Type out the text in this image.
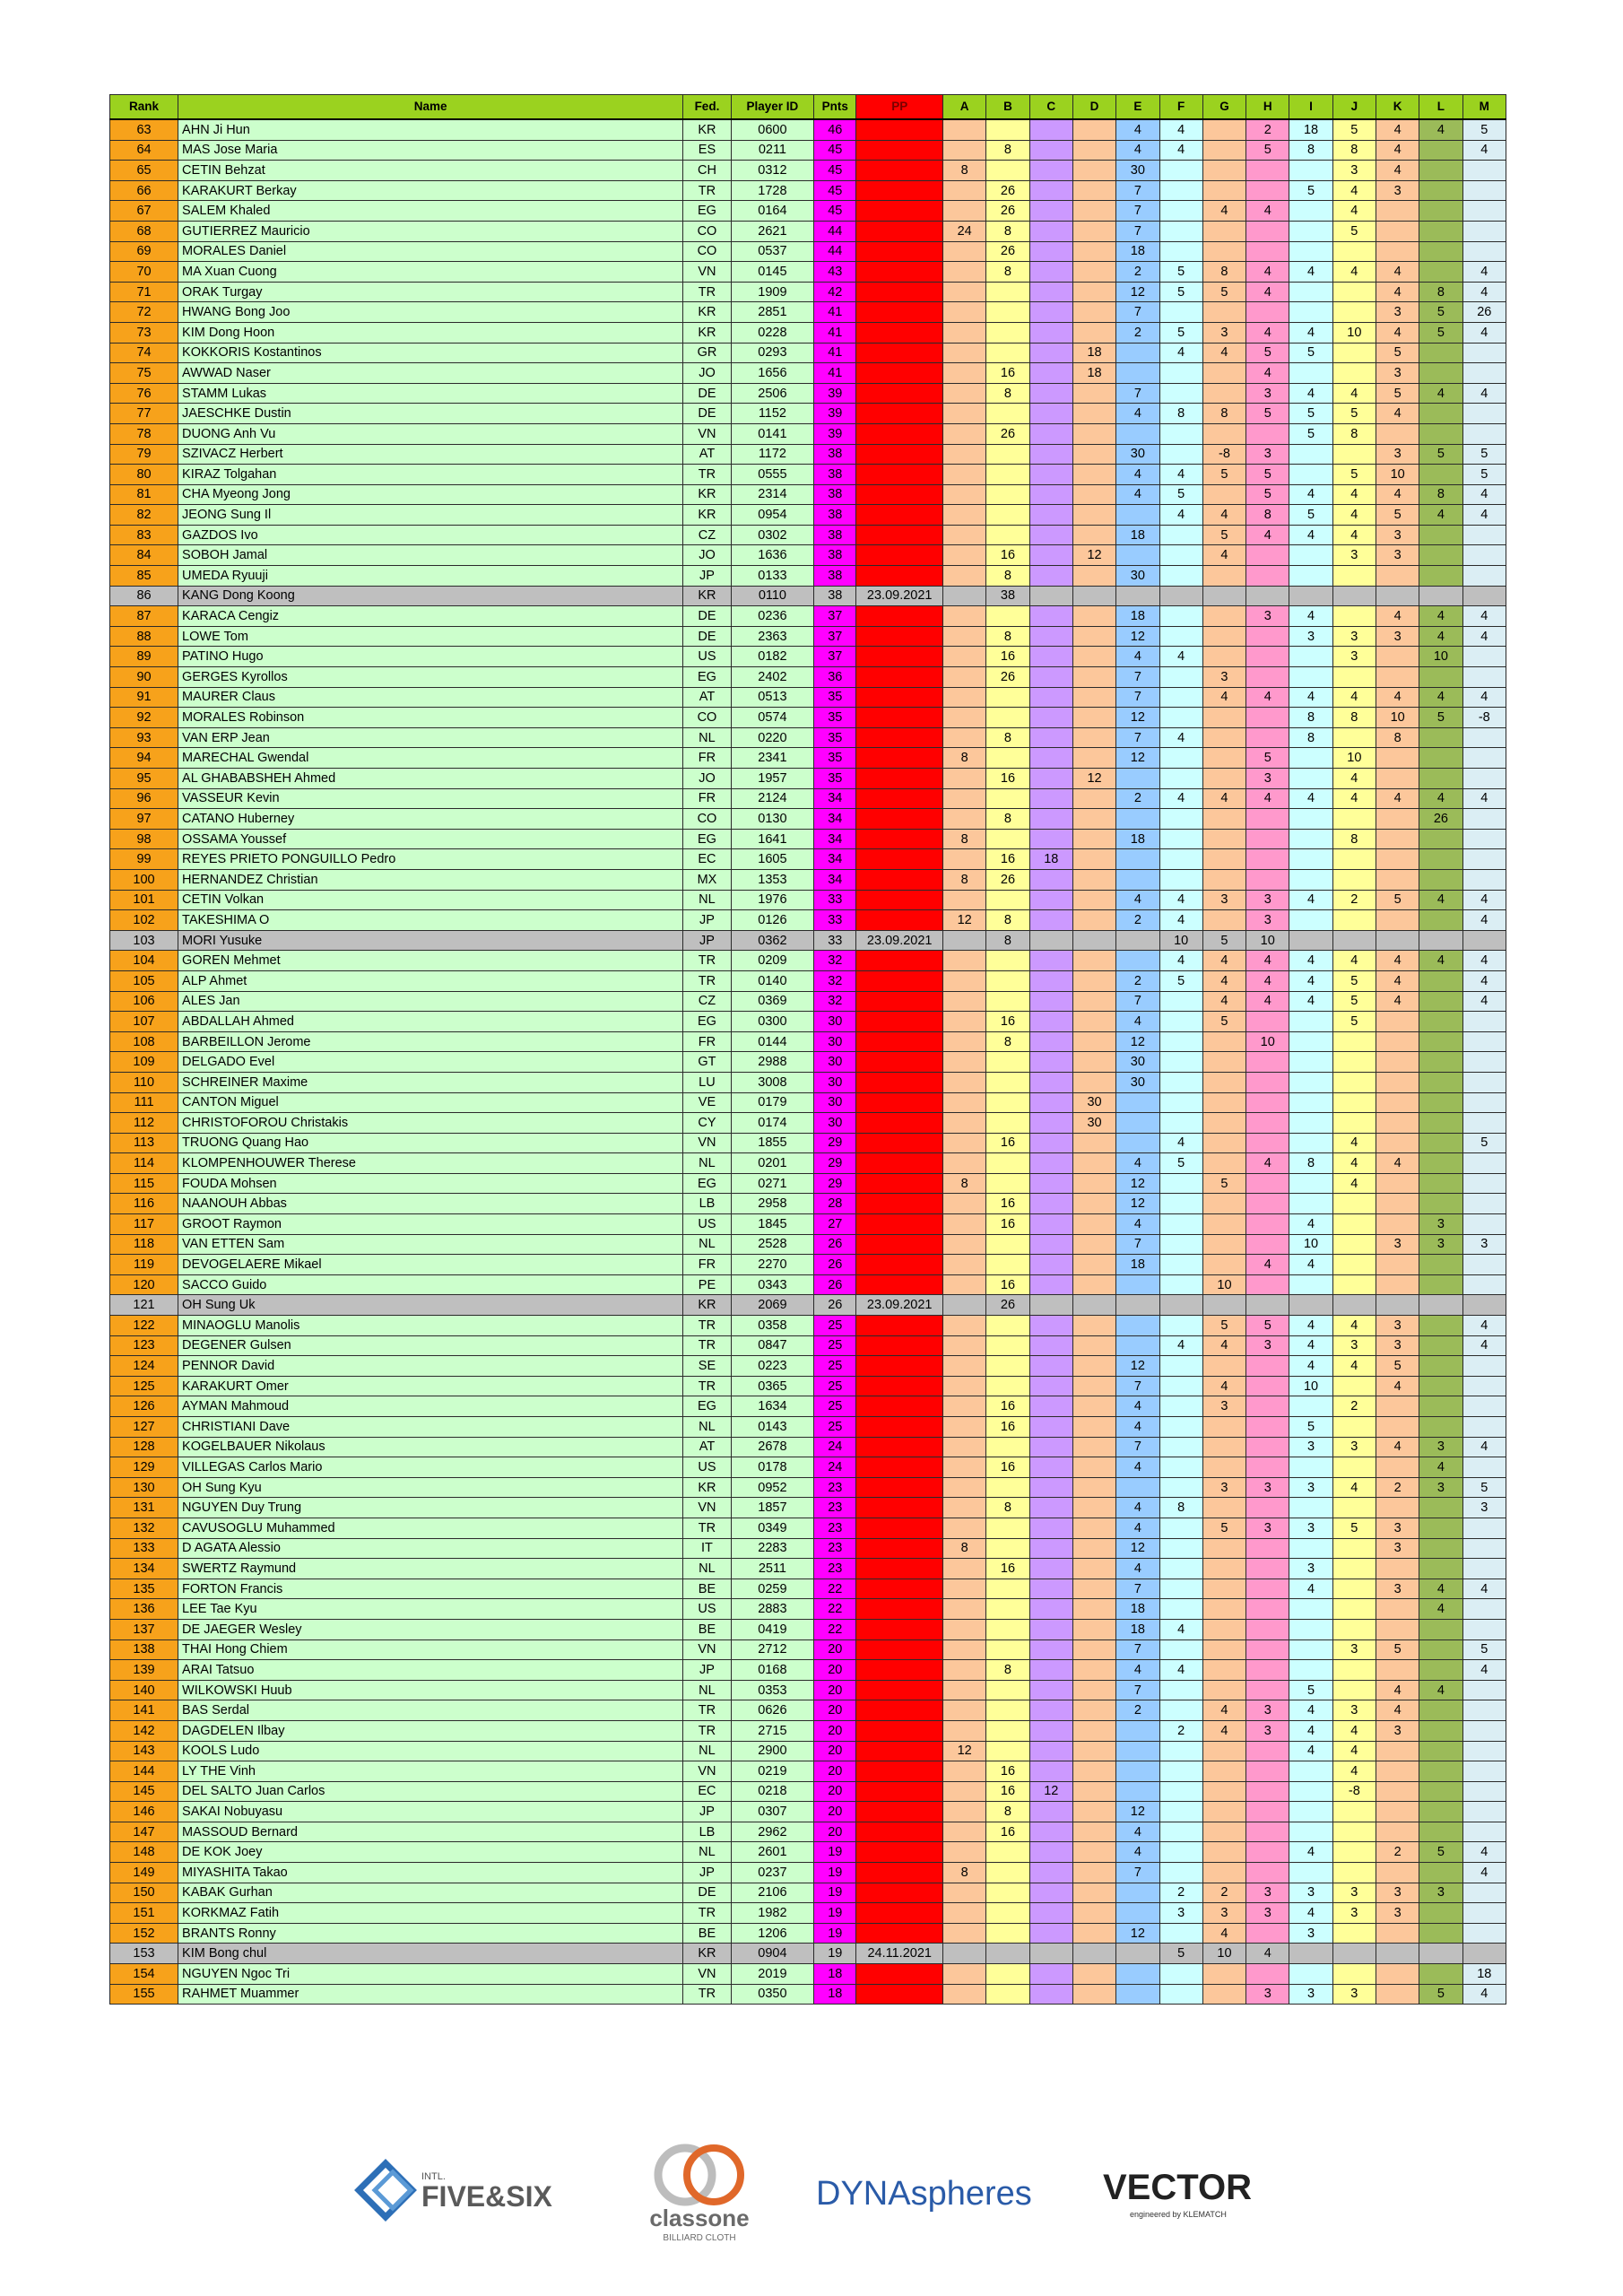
Rank	Name	Fed.	Player ID	Pnts	PP	A	B	C	D	E	F	G	H	I	J	K	L	M
63	AHN Ji Hun	KR	0600	46						4	4		2	18	5	4	4	5
64	MAS Jose Maria	ES	0211	45			8			4	4		5	8	8	4		4
65	CETIN Behzat	CH	0312	45		8				30					3	4		
66	KARAKURT Berkay	TR	1728	45			26			7				5	4	3		
67	SALEM Khaled	EG	0164	45			26			7		4	4		4			
68	GUTIERREZ Mauricio	CO	2621	44		24	8			7					5			
69	MORALES Daniel	CO	0537	44			26			18								
70	MA Xuan Cuong	VN	0145	43			8			2	5	8	4	4	4	4		4
71	ORAK Turgay	TR	1909	42						12	5	5	4			4	8	4
72	HWANG Bong Joo	KR	2851	41						7						3	5	26
73	KIM Dong Hoon	KR	0228	41						2	5	3	4	4	10	4	5	4
74	KOKKORIS Kostantinos	GR	0293	41					18		4	4	5	5		5		
75	AWWAD Naser	JO	1656	41			16		18				4			3		
76	STAMM Lukas	DE	2506	39			8			7			3	4	4	5	4	4
77	JAESCHKE Dustin	DE	1152	39						4	8	8	5	5	5	4		
78	DUONG Anh Vu	VN	0141	39			26							5	8			
79	SZIVACZ Herbert	AT	1172	38						30		-8	3			3	5	5
80	KIRAZ Tolgahan	TR	0555	38						4	4	5	5		5	10		5
81	CHA Myeong Jong	KR	2314	38						4	5		5	4	4	4	8	4
82	JEONG Sung Il	KR	0954	38							4	4	8	5	4	5	4	4
83	GAZDOS Ivo	CZ	0302	38						18		5	4	4	4	3		
84	SOBOH Jamal	JO	1636	38			16		12			4			3	3		
85	UMEDA Ryuuji	JP	0133	38			8			30								
86	KANG Dong Koong	KR	0110	38	23.09.2021		38											
87	KARACA Cengiz	DE	0236	37						18			3	4		4	4	4
88	LOWE Tom	DE	2363	37			8			12				3	3	3	4	4
89	PATINO Hugo	US	0182	37			16			4	4				3		10	
90	GERGES Kyrollos	EG	2402	36			26			7		3						
91	MAURER Claus	AT	0513	35						7		4	4	4	4	4	4	4
92	MORALES Robinson	CO	0574	35						12				8	8	10	5	-8
93	VAN ERP Jean	NL	0220	35			8			7	4			8		8		
94	MARECHAL Gwendal	FR	2341	35		8				12			5		10			
95	AL GHABABSHEH Ahmed	JO	1957	35			16		12				3		4			
96	VASSEUR Kevin	FR	2124	34						2	4	4	4	4	4	4	4	4
97	CATANO Huberney	CO	0130	34			8										26	
98	OSSAMA Youssef	EG	1641	34		8				18					8			
99	REYES PRIETO PONGUILLO Pedro	EC	1605	34			16	18										
100	HERNANDEZ Christian	MX	1353	34		8	26											
101	CETIN Volkan	NL	1976	33						4	4	3	3	4	2	5	4	4
102	TAKESHIMA O	JP	0126	33		12	8			2	4		3					4
103	MORI Yusuke	JP	0362	33	23.09.2021		8				10	5	10					
104	GOREN Mehmet	TR	0209	32							4	4	4	4	4	4	4	4
105	ALP Ahmet	TR	0140	32						2	5	4	4	4	5	4		4
106	ALES Jan	CZ	0369	32						7		4	4	4	5	4		4
107	ABDALLAH Ahmed	EG	0300	30			16			4		5			5			
108	BARBEILLON Jerome	FR	0144	30			8			12			10					
109	DELGADO Evel	GT	2988	30						30								
110	SCHREINER Maxime	LU	3008	30						30								
111	CANTON Miguel	VE	0179	30					30									
112	CHRISTOFOROU Christakis	CY	0174	30					30									
113	TRUONG Quang Hao	VN	1855	29			16				4				4			5
114	KLOMPENHOUWER Therese	NL	0201	29						4	5		4	8	4	4		
115	FOUDA Mohsen	EG	0271	29		8				12		5			4			
116	NAANOUH Abbas	LB	2958	28			16			12								
117	GROOT Raymon	US	1845	27			16			4				4			3	
118	VAN ETTEN Sam	NL	2528	26						7				10		3	3	3
119	DEVOGELAERE Mikael	FR	2270	26						18			4	4				
120	SACCO Guido	PE	0343	26			16					10						
121	OH Sung Uk	KR	2069	26	23.09.2021		26											
122	MINAOGLU Manolis	TR	0358	25								5	5	4	4	3		4
123	DEGENER Gulsen	TR	0847	25							4	4	3	4	3	3		4
124	PENNOR David	SE	0223	25						12				4	4	5		
125	KARAKURT Omer	TR	0365	25						7		4		10		4		
126	AYMAN Mahmoud	EG	1634	25			16			4		3			2			
127	CHRISTIANI Dave	NL	0143	25			16			4				5				
128	KOGELBAUER Nikolaus	AT	2678	24						7				3	3	4	3	4
129	VILLEGAS Carlos Mario	US	0178	24			16			4							4	
130	OH Sung Kyu	KR	0952	23								3	3	3	4	2	3	5
131	NGUYEN Duy Trung	VN	1857	23			8			4	8							3
132	CAVUSOGLU Muhammed	TR	0349	23						4		5	3	3	5	3		
133	D AGATA Alessio	IT	2283	23		8				12						3		
134	SWERTZ Raymund	NL	2511	23			16			4				3				
135	FORTON Francis	BE	0259	22						7				4		3	4	4
136	LEE Tae Kyu	US	2883	22						18							4	
137	DE JAEGER Wesley	BE	0419	22						18	4							
138	THAI Hong Chiem	VN	2712	20						7					3	5		5
139	ARAI Tatsuo	JP	0168	20			8			4	4							4
140	WILKOWSKI Huub	NL	0353	20						7				5		4	4	
141	BAS Serdal	TR	0626	20						2		4	3	4	3	4		
142	DAGDELEN Ilbay	TR	2715	20							2	4	3	4	4	3		
143	KOOLS Ludo	NL	2900	20		12								4	4			
144	LY THE Vinh	VN	0219	20			16								4			
145	DEL SALTO Juan Carlos	EC	0218	20			16	12							-8			
146	SAKAI Nobuyasu	JP	0307	20			8			12								
147	MASSOUD Bernard	LB	2962	20			16			4								
148	DE KOK Joey	NL	2601	19						4				4		2	5	4
149	MIYASHITA Takao	JP	0237	19		8				7								4
150	KABAK Gurhan	DE	2106	19							2	2	3	3	3	3	3	
151	KORKMAZ Fatih	TR	1982	19							3	3	3	4	3	3		
152	BRANTS Ronny	BE	1206	19						12		4		3				
153	KIM Bong chul	KR	0904	19	24.11.2021						5	10	4					
154	NGUYEN Ngoc Tri	VN	2019	18														18
155	RAHMET Muammer	TR	0350	18									3	3	3		5	4
INTL.
FIVE&SIX
classone
BILLIARD CLOTH
DYNAspheres VECTOR
engineered by KLEMATCH
